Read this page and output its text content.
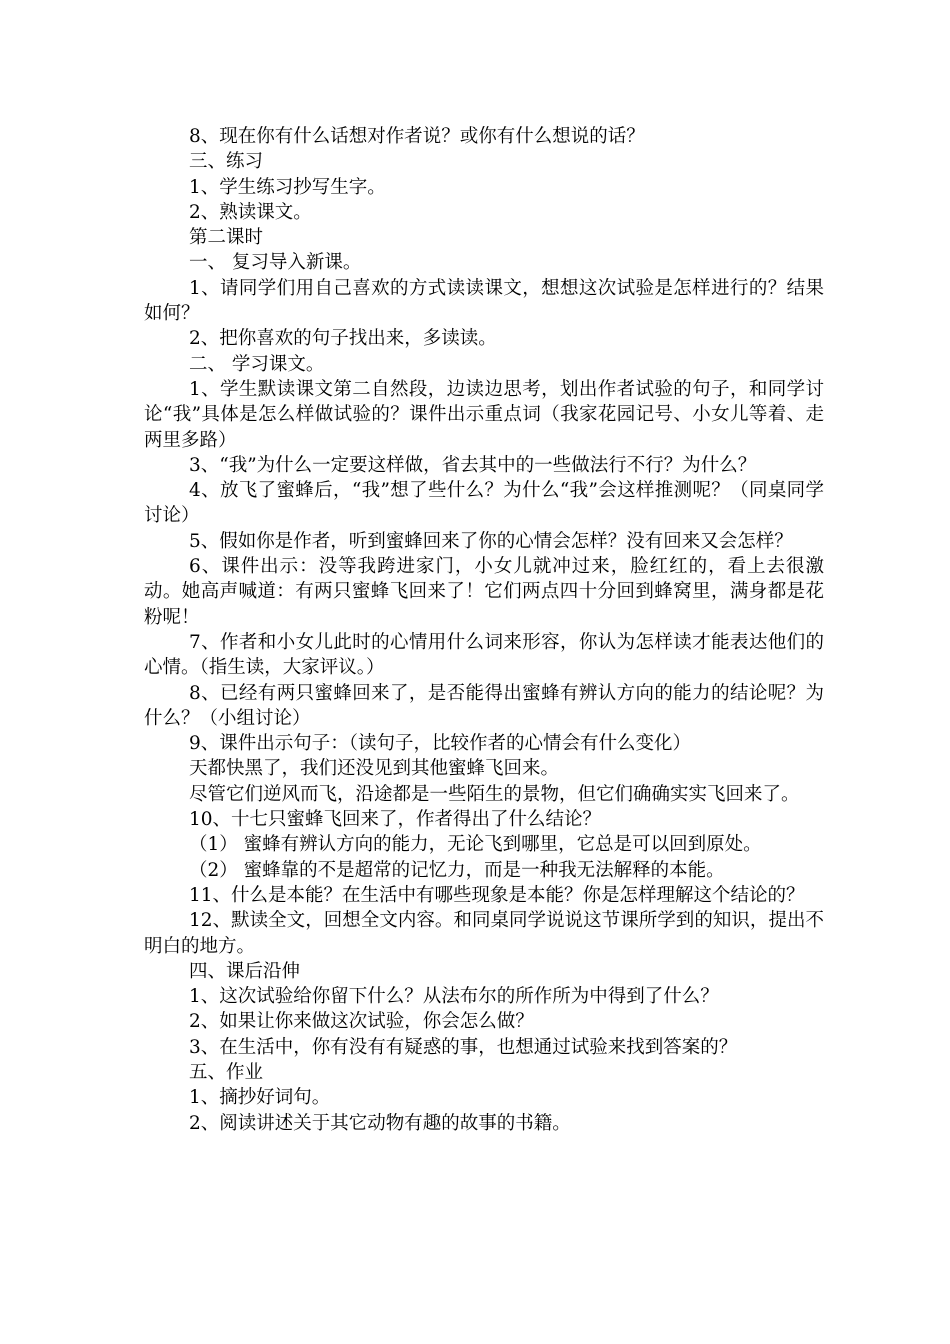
8、现在你有什么话想对作者说？或你有什么想说的话？

三、练习

1、学生练习抄写生字。

2、熟读课文。

第二课时

一、 复习导入新课。

1、请同学们用自己喜欢的方式读读课文，想想这次试验是怎样进行的？结果如何？

2、把你喜欢的句子找出来，多读读。

二、 学习课文。

1、学生默读课文第二自然段，边读边思考，划出作者试验的句子，和同学讨论“我”具体是怎么样做试验的？课件出示重点词（我家花园记号、小女儿等着、走两里多路）

3、“我”为什么一定要这样做，省去其中的一些做法行不行？为什么？

4、放飞了蜜蜂后，“我”想了些什么？为什么“我”会这样推测呢？（同桌同学讨论）

5、假如你是作者，听到蜜蜂回来了你的心情会怎样？没有回来又会怎样？

6、课件出示：没等我跨进家门，小女儿就冲过来，脸红红的，看上去很激动。她高声喊道：有两只蜜蜂飞回来了！它们两点四十分回到蜂窝里，满身都是花粉呢！

7、作者和小女儿此时的心情用什么词来形容，你认为怎样读才能表达他们的心情。（指生读，大家评议。）

8、已经有两只蜜蜂回来了，是否能得出蜜蜂有辨认方向的能力的结论呢？为什么？（小组讨论）

9、课件出示句子：（读句子，比较作者的心情会有什么变化）

天都快黑了，我们还没见到其他蜜蜂飞回来。

尽管它们逆风而飞，沿途都是一些陌生的景物，但它们确确实实飞回来了。

10、十七只蜜蜂飞回来了，作者得出了什么结论？

（1） 蜜蜂有辨认方向的能力，无论飞到哪里，它总是可以回到原处。

（2） 蜜蜂靠的不是超常的记忆力，而是一种我无法解释的本能。

11、什么是本能？在生活中有哪些现象是本能？你是怎样理解这个结论的？

12、默读全文，回想全文内容。和同桌同学说说这节课所学到的知识，提出不明白的地方。

四、课后沿伸

1、这次试验给你留下什么？从法布尔的所作所为中得到了什么？

2、如果让你来做这次试验，你会怎么做？

3、在生活中，你有没有有疑惑的事，也想通过试验来找到答案的？

五、作业

1、摘抄好词句。

2、阅读讲述关于其它动物有趣的故事的书籍。
